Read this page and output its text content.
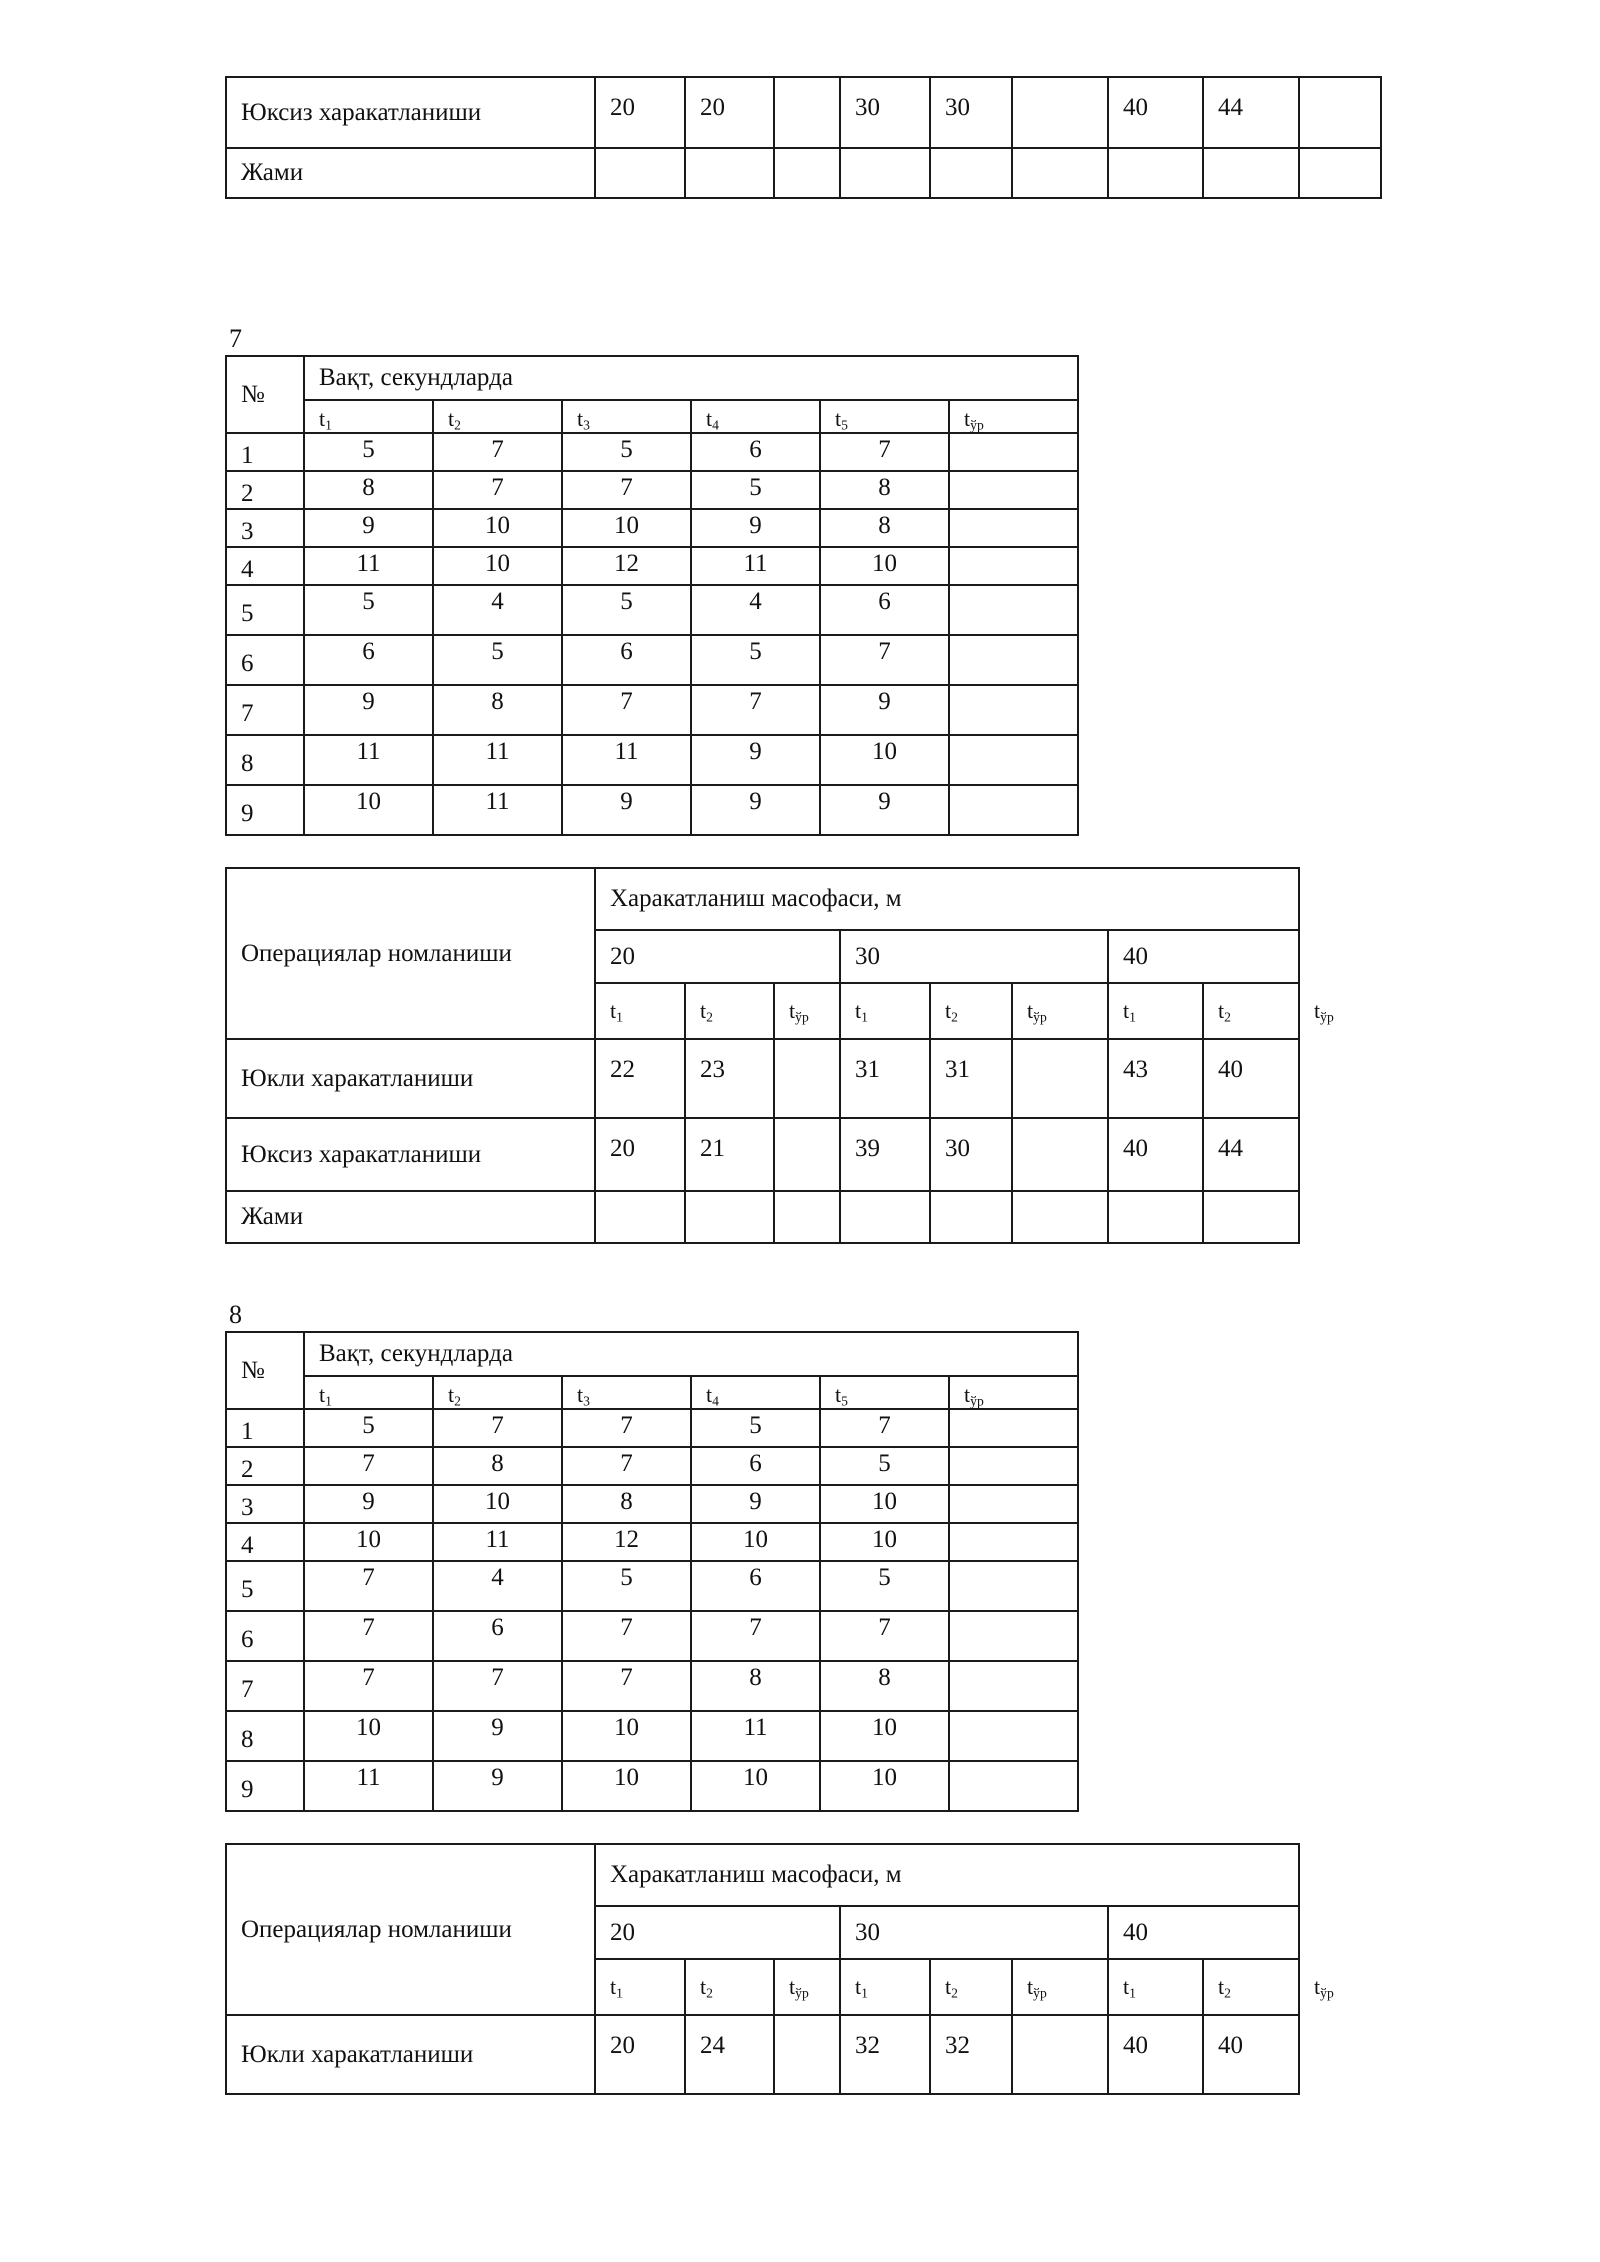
Юксиз харакатланиши	20	20		30	30		40	44	
Жами									
7
№	Вақт, секундларда					
	$t_1$	$t_2$	$t_3$	$t_4$	$t_5$	$t_{ўр}$
1	5	7	5	6	7	
2	8	7	7	5	8	
3	9	10	10	9	8	
4	11	10	12	11	10	
5	5	4	5	4	6	
6	6	5	6	5	7	
7	9	8	7	7	9	
8	11	11	11	9	10	
9	10	11	9	9	9	
Операциялар номланиши	Харакатланиш масофаси, м								
	20			30			40		
	$t_1$	$t_2$	$t_{ўр}$	$t_1$	$t_2$	$t_{ўр}$	$t_1$	$t_2$	$t_{ўр}$
Юкли харакатланиши	22	23		31	31		43	40	
Юксиз харакатланиши	20	21		39	30		40	44	
Жами									
8
№	Вақт, секундларда					
	$t_1$	$t_2$	$t_3$	$t_4$	$t_5$	$t_{ўр}$
1	5	7	7	5	7	
2	7	8	7	6	5	
3	9	10	8	9	10	
4	10	11	12	10	10	
5	7	4	5	6	5	
6	7	6	7	7	7	
7	7	7	7	8	8	
8	10	9	10	11	10	
9	11	9	10	10	10	
Операциялар номланиши	Харакатланиш масофаси, м								
	20			30			40		
	$t_1$	$t_2$	$t_{ўр}$	$t_1$	$t_2$	$t_{ўр}$	$t_1$	$t_2$	$t_{ўр}$
Юкли харакатланиши	20	24		32	32		40	40	
